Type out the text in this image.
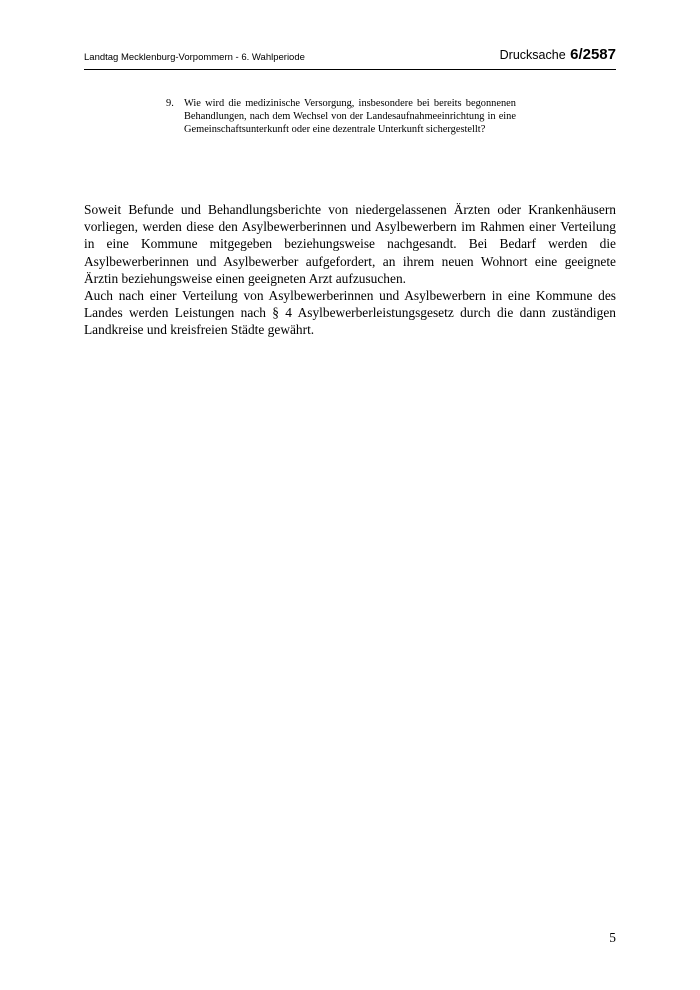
Landtag Mecklenburg-Vorpommern - 6. Wahlperiode	Drucksache 6/2587
9. Wie wird die medizinische Versorgung, insbesondere bei bereits begonnenen Behandlungen, nach dem Wechsel von der Landesaufnahmeeinrichtung in eine Gemeinschaftsunterkunft oder eine dezentrale Unterkunft sichergestellt?

Soweit Befunde und Behandlungsberichte von niedergelassenen Ärzten oder Krankenhäusern vorliegen, werden diese den Asylbewerberinnen und Asylbewerbern im Rahmen einer Verteilung in eine Kommune mitgegeben beziehungsweise nachgesandt. Bei Bedarf werden die Asylbewerberinnen und Asylbewerber aufgefordert, an ihrem neuen Wohnort eine geeignete Ärztin beziehungsweise einen geeigneten Arzt aufzusuchen.

Auch nach einer Verteilung von Asylbewerberinnen und Asylbewerbern in eine Kommune des Landes werden Leistungen nach § 4 Asylbewerberleistungsgesetz durch die dann zuständigen Landkreise und kreisfreien Städte gewährt.

5
